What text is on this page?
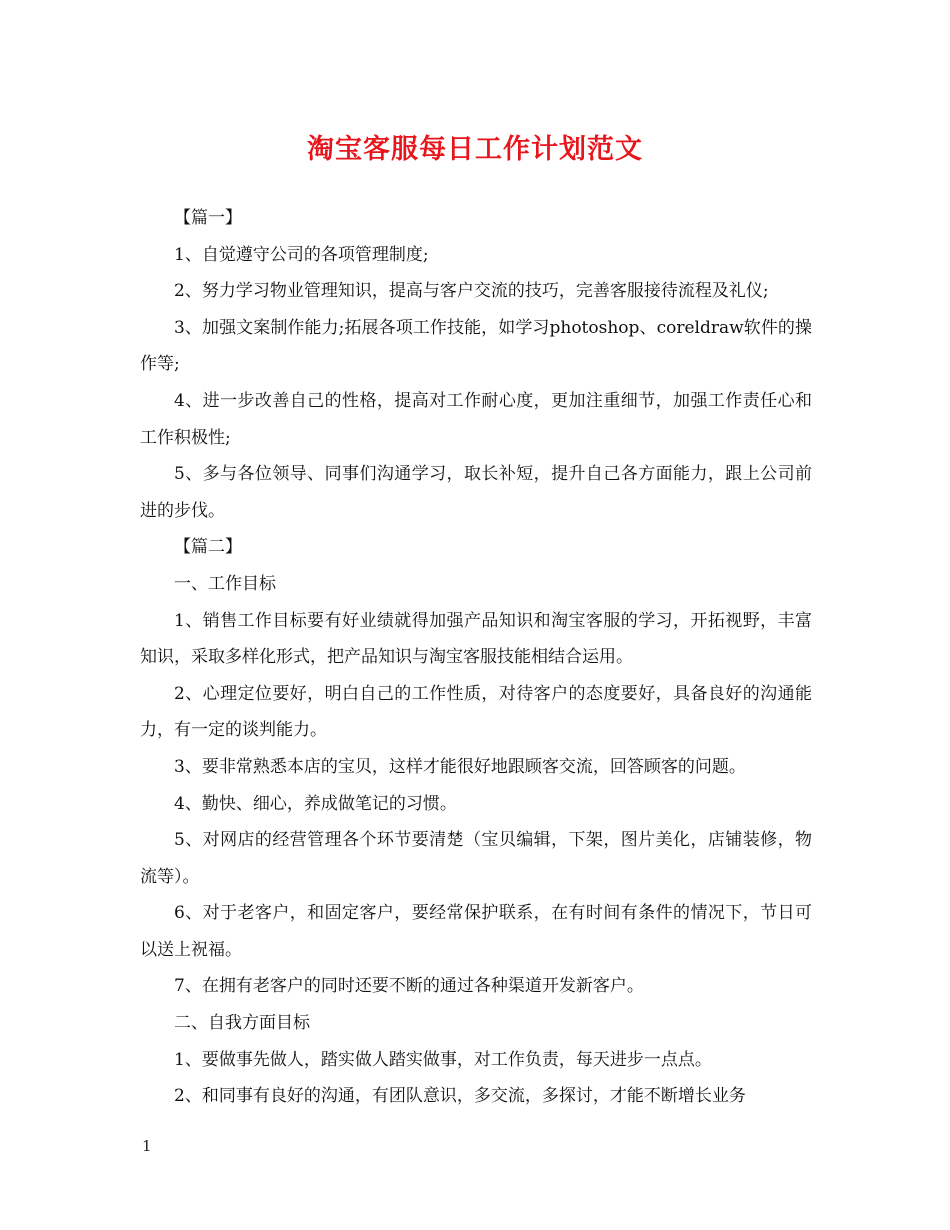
淘宝客服每日工作计划范文

【篇一】

1、自觉遵守公司的各项管理制度;

2、努力学习物业管理知识，提高与客户交流的技巧，完善客服接待流程及礼仪;

3、加强文案制作能力;拓展各项工作技能，如学习photoshop、coreldraw软件的操作等;

4、进一步改善自己的性格，提高对工作耐心度，更加注重细节，加强工作责任心和工作积极性;

5、多与各位领导、同事们沟通学习，取长补短，提升自己各方面能力，跟上公司前进的步伐。

【篇二】

一、工作目标

1、销售工作目标要有好业绩就得加强产品知识和淘宝客服的学习，开拓视野，丰富知识，采取多样化形式，把产品知识与淘宝客服技能相结合运用。

2、心理定位要好，明白自己的工作性质，对待客户的态度要好，具备良好的沟通能力，有一定的谈判能力。

3、要非常熟悉本店的宝贝，这样才能很好地跟顾客交流，回答顾客的问题。

4、勤快、细心，养成做笔记的习惯。

5、对网店的经营管理各个环节要清楚（宝贝编辑，下架，图片美化，店铺装修，物流等）。

6、对于老客户，和固定客户，要经常保护联系，在有时间有条件的情况下，节日可以送上祝福。

7、在拥有老客户的同时还要不断的通过各种渠道开发新客户。

二、自我方面目标

1、要做事先做人，踏实做人踏实做事，对工作负责，每天进步一点点。

2、和同事有良好的沟通，有团队意识，多交流，多探讨，才能不断增长业务

1
